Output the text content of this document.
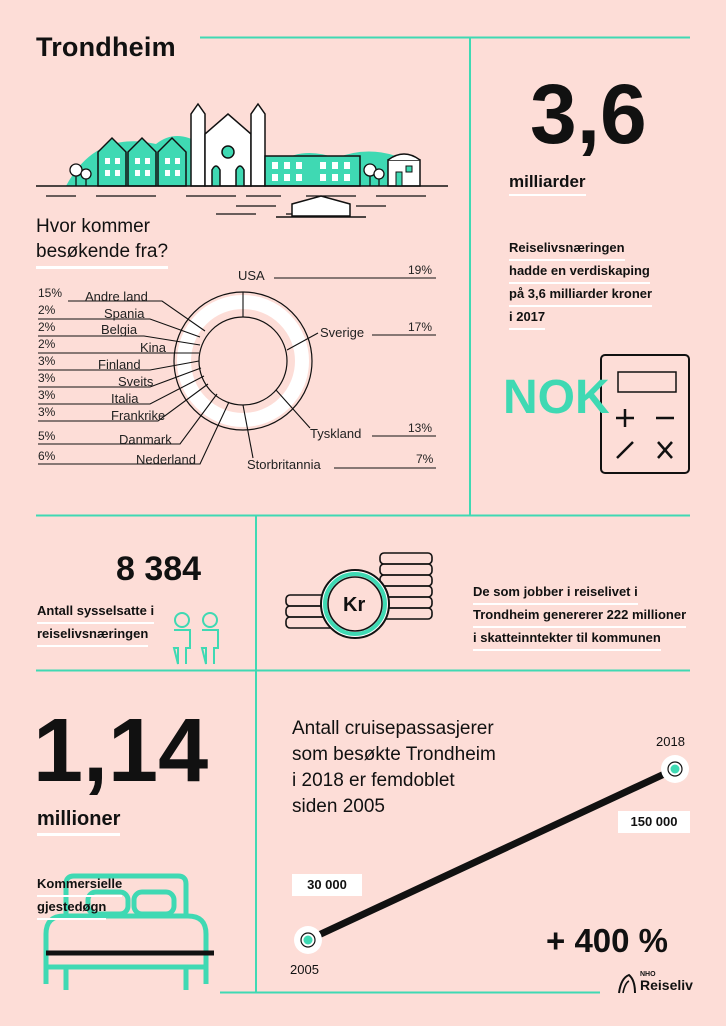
Trondheim
Hvor kommer
besøkende fra?
15% Andre land
2%	Spania
2%	Belgia
2%	Kina
3%	Finland
3%	Sveits
3%	Italia
3%	Frankrike
5%	Danmark
6%	Nederland
USA	19%
Sverige	17%
Tyskland	13%
Storbritannia	7%
3,6
milliarder
Reiselivsnæringen
hadde en verdiskaping
på 3,6 milliarder kroner
i 2017
NOK
8 384
Antall sysselsatte i
reiselivsnæringen
Kr
De som jobber i reiselivet i
Trondheim genererer 222 millioner
i skatteinntekter til kommunen
1,14
millioner
Kommersielle
gjestedøgn
Antall cruisepassasjerer
som besøkte Trondheim
i 2018 er femdoblet
siden 2005
2018
2005
150 000
30 000
+ 400 %
NHO
Reiseliv
